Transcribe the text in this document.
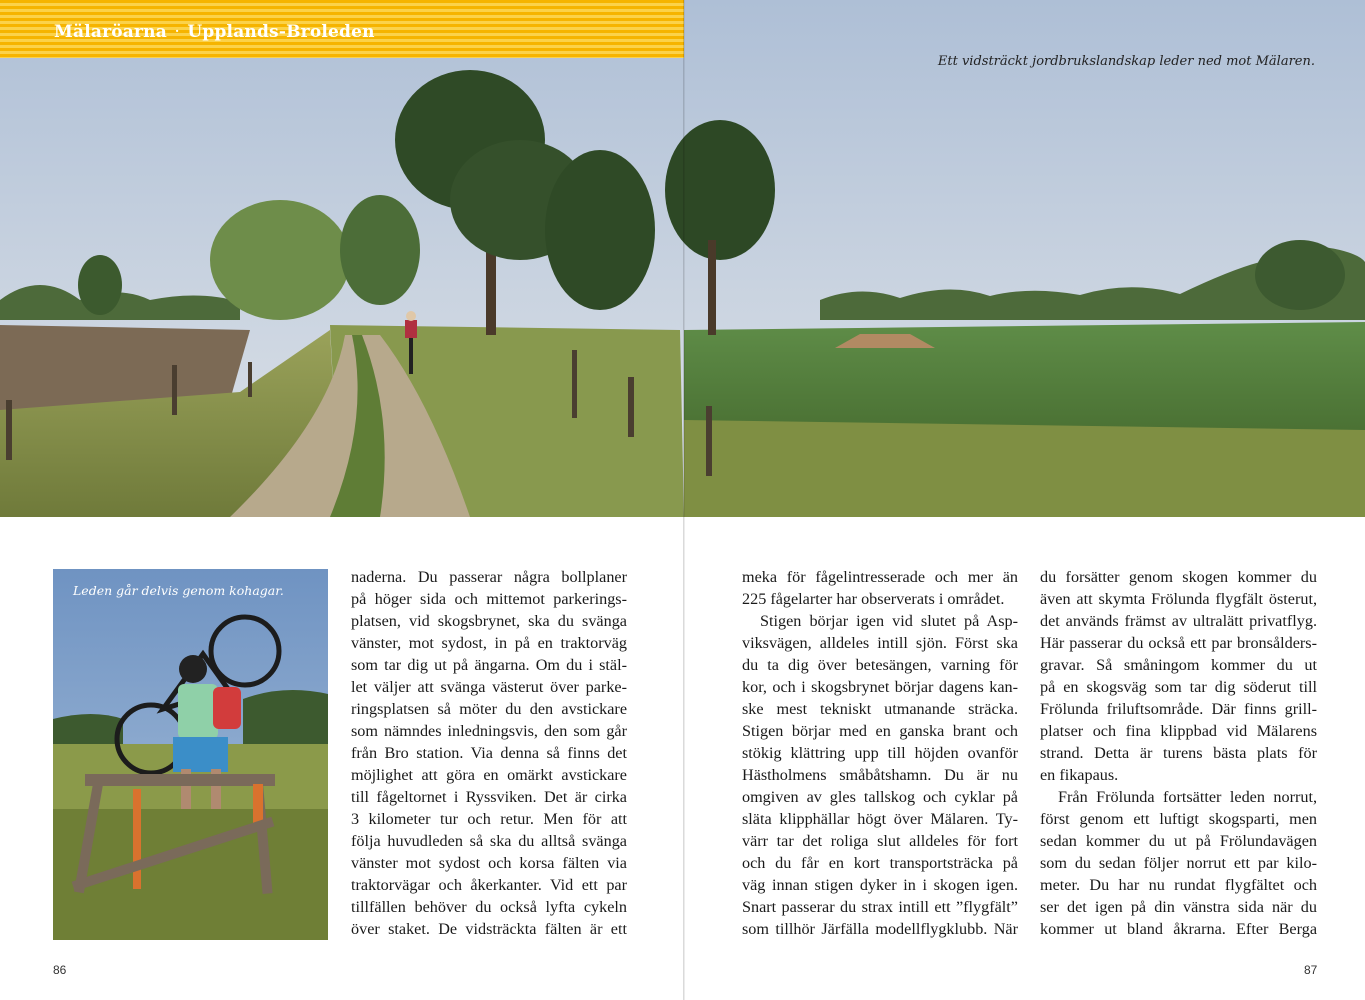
Mälaröarna · Upplands-Broleden
Ett vidsträckt jordbrukslandskap leder ned mot Mälaren.
Leden går delvis genom kohagar.
naderna. Du passerar några bollplaner
på höger sida och mittemot parkerings-
platsen, vid skogsbrynet, ska du svänga
vänster, mot sydost, in på en traktorväg
som tar dig ut på ängarna. Om du i stäl-
let väljer att svänga västerut över parke-
ringsplatsen så möter du den avstickare
som nämndes inledningsvis, den som går
från Bro station. Via denna så finns det
möjlighet att göra en omärkt avstickare
till fågeltornet i Ryssviken. Det är cirka
3 kilometer tur och retur. Men för att
följa huvudleden så ska du alltså svänga
vänster mot sydost och korsa fälten via
traktorvägar och åkerkanter. Vid ett par
tillfällen behöver du också lyfta cykeln
över staket. De vidsträckta fälten är ett
meka för fågelintresserade och mer än
225 fågelarter har observerats i området.
Stigen börjar igen vid slutet på Asp-
viksvägen, alldeles intill sjön. Först ska
du ta dig över betesängen, varning för
kor, och i skogsbrynet börjar dagens kan-
ske mest tekniskt utmanande sträcka.
Stigen börjar med en ganska brant och
stökig klättring upp till höjden ovanför
Hästholmens småbåtshamn. Du är nu
omgiven av gles tallskog och cyklar på
släta klipphällar högt över Mälaren. Ty-
värr tar det roliga slut alldeles för fort
och du får en kort transportsträcka på
väg innan stigen dyker in i skogen igen.
Snart passerar du strax intill ett ”flygfält”
som tillhör Järfälla modellflygklubb. När
du forsätter genom skogen kommer du
även att skymta Frölunda flygfält österut,
det används främst av ultralätt privatflyg.
Här passerar du också ett par bronsålders-
gravar. Så småningom kommer du ut
på en skogsväg som tar dig söderut till
Frölunda friluftsområde. Där finns grill-
platser och fina klippbad vid Mälarens
strand. Detta är turens bästa plats för
en fikapaus.
Från Frölunda fortsätter leden norrut,
först genom ett luftigt skogsparti, men
sedan kommer du ut på Frölundavägen
som du sedan följer norrut ett par kilo-
meter. Du har nu rundat flygfältet och
ser det igen på din vänstra sida när du
kommer ut bland åkrarna. Efter Berga
86	87
